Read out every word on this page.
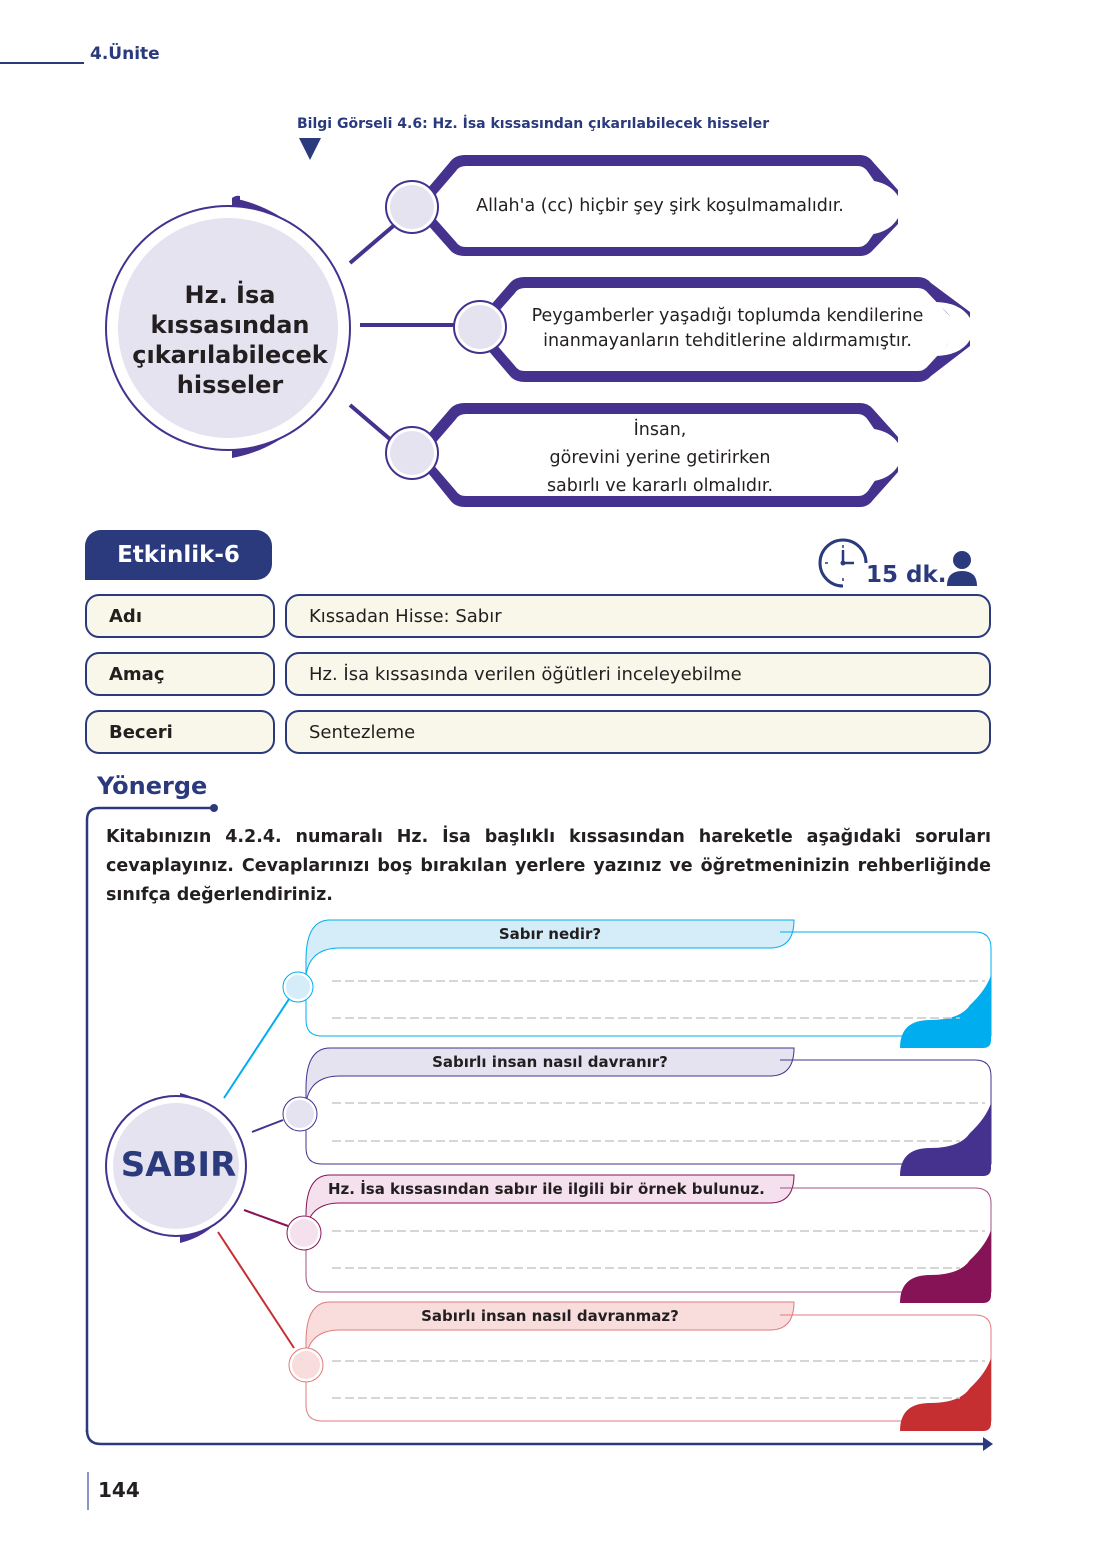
4.Ünite
Bilgi Görseli 4.6: Hz. İsa kıssasından çıkarılabilecek hisseler
Hz. İsa
kıssasından
çıkarılabilecek
hisseler
Allah'a (cc) hiçbir şey şirk koşulmamalıdır.
Peygamberler yaşadığı toplumda kendilerine
inanmayanların tehditlerine aldırmamıştır.
İnsan,
görevini yerine getirirken
sabırlı ve kararlı olmalıdır.
Etkinlik-6
15 dk.
Adı	Kıssadan Hisse: Sabır
Amaç	Hz. İsa kıssasında verilen öğütleri inceleyebilme
Beceri	Sentezleme
Yönerge
Kitabınızın 4.2.4. numaralı Hz. İsa başlıklı kıssasından hareketle aşağıdaki soruları cevaplayınız. Cevaplarınızı boş bırakılan yerlere yazınız ve öğretmeninizin rehberliğinde sınıfça değerlendiriniz.
SABIR
Sabır nedir?
Sabırlı insan nasıl davranır?
Hz. İsa kıssasından sabır ile ilgili bir örnek bulunuz.
Sabırlı insan nasıl davranmaz?
144
